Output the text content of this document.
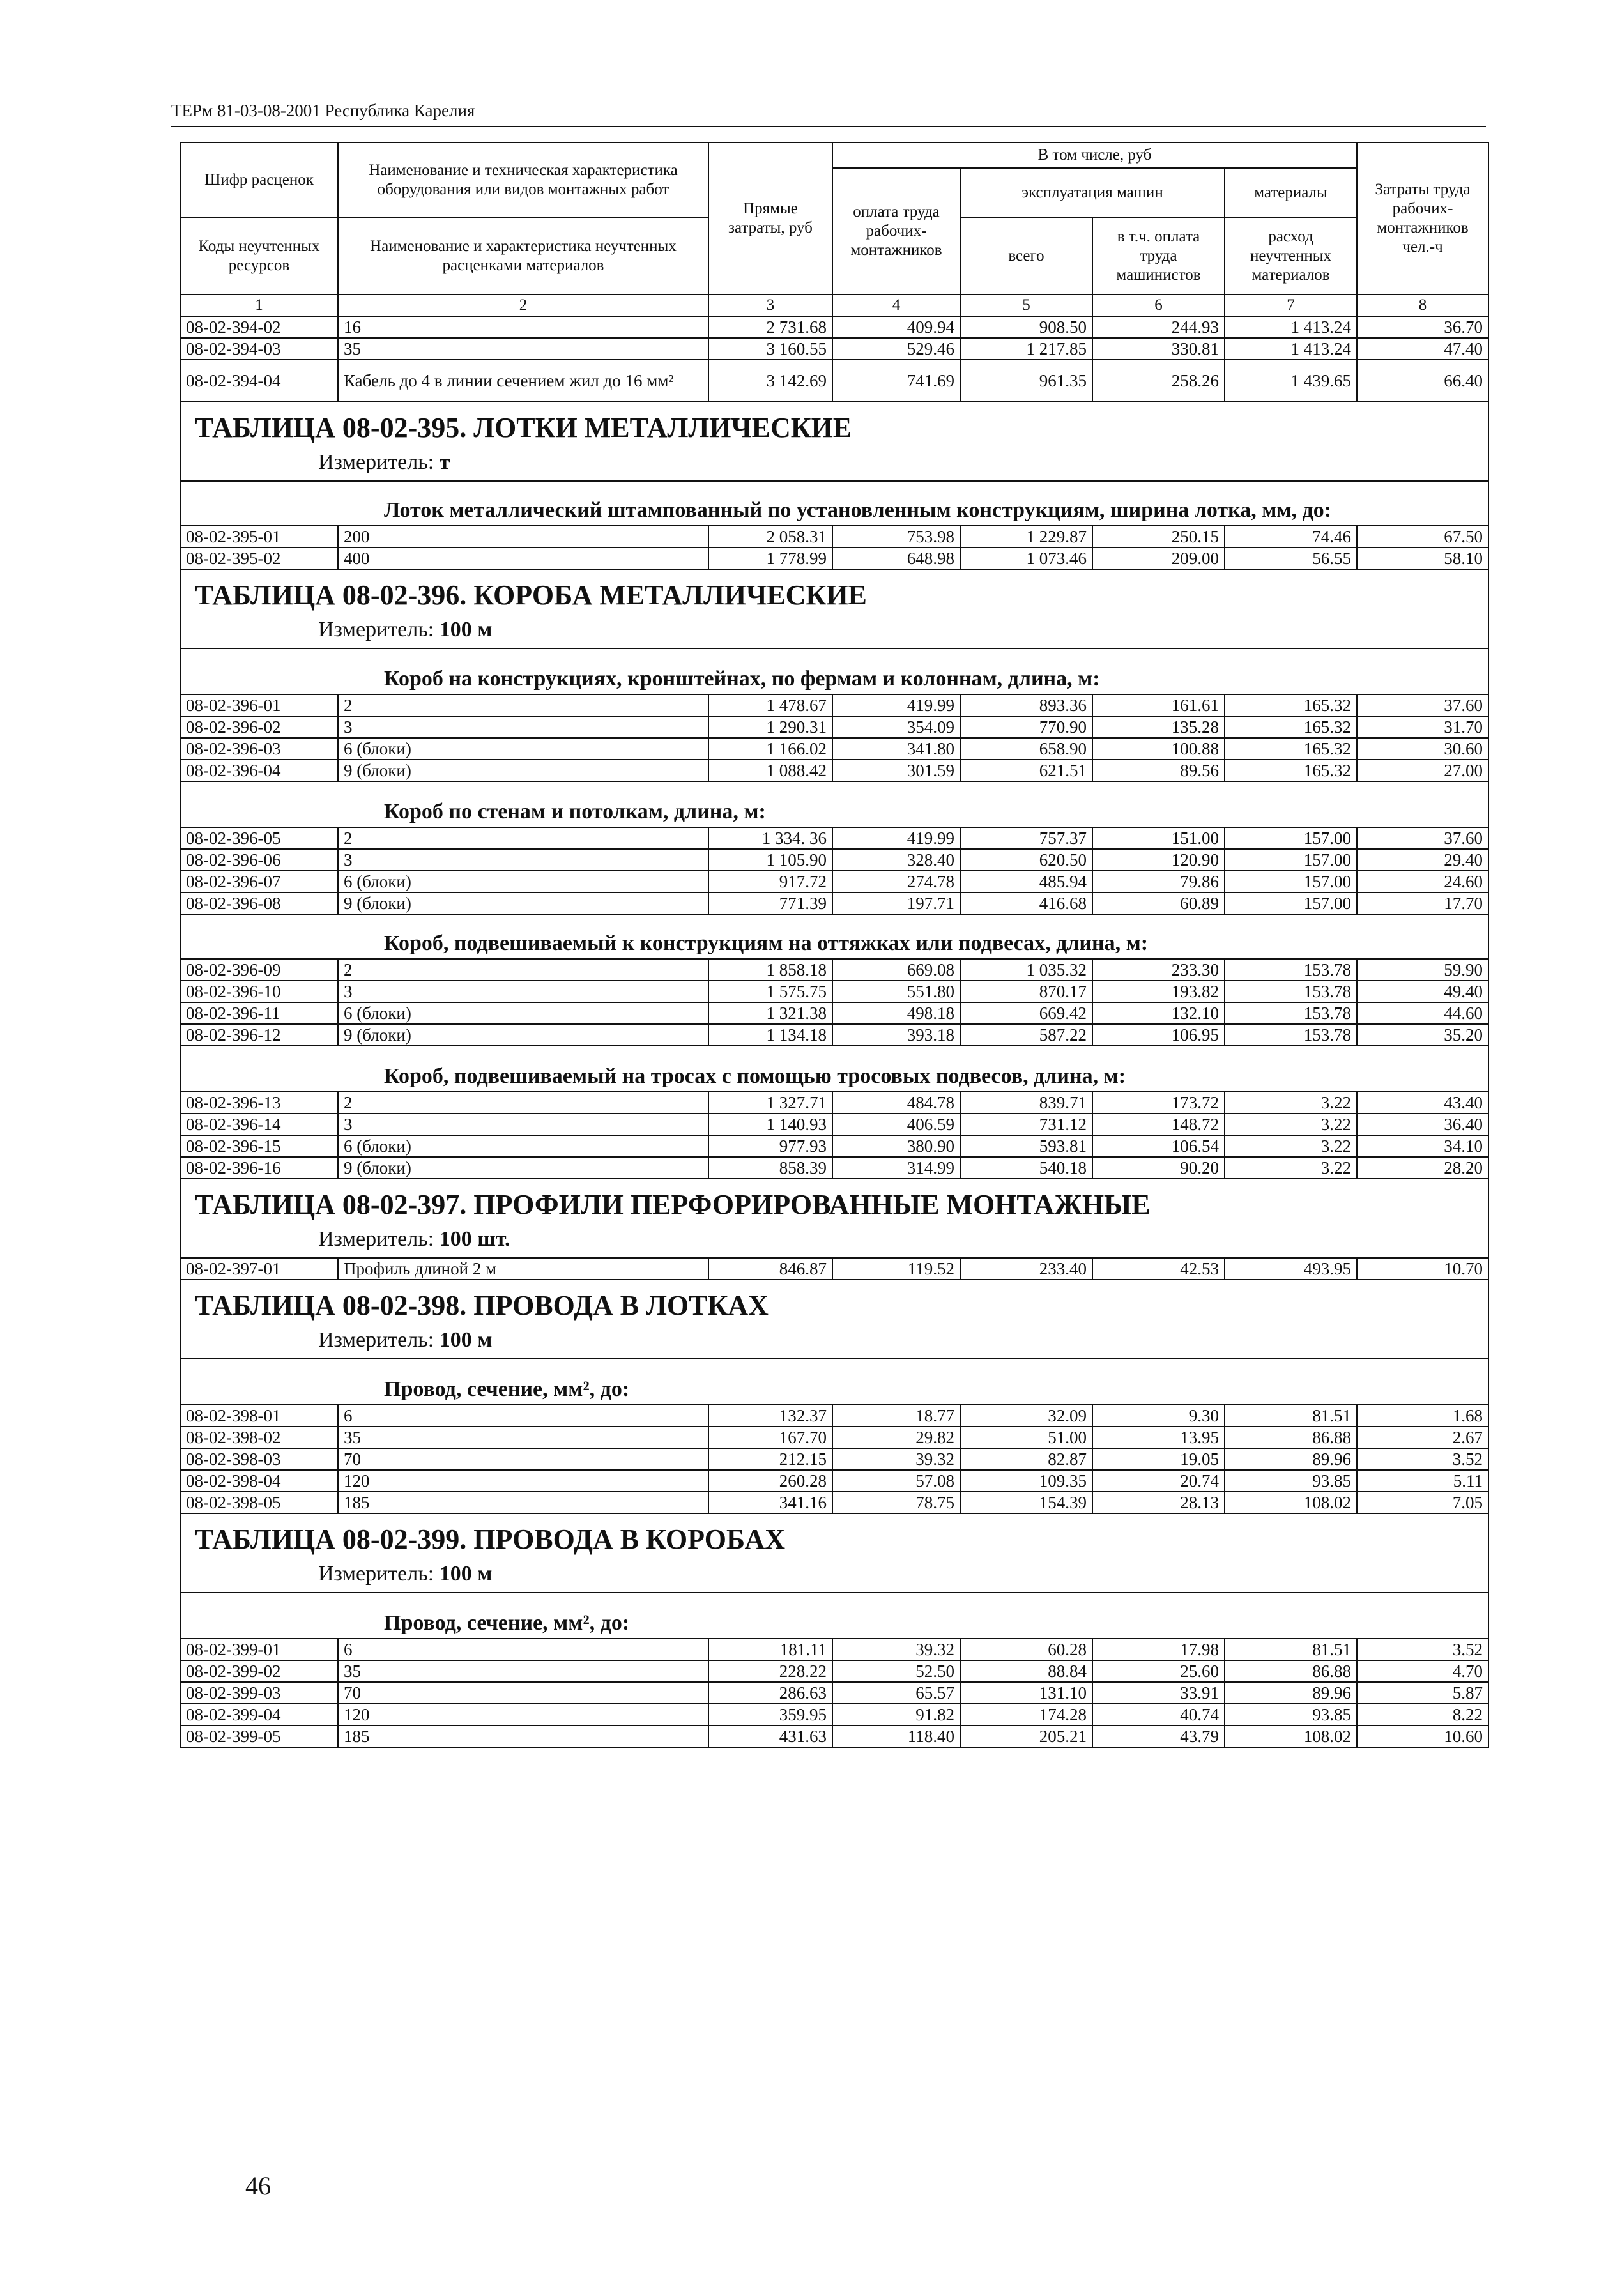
ТЕРм 81-03-08-2001 Республика Карелия
Шифр расценок	Наименование и техническая характеристика оборудования или видов монтажных работ	Прямые затраты, руб	В том числе, руб				Затраты труда рабочих-монтажников чел.-ч
			оплата труда рабочих-монтажников	эксплуатация машин		материалы	
Коды неучтенных ресурсов	Наименование и характеристика неучтенных расценками материалов			всего	в т.ч. оплата труда машинистов		
						расход неучтенных материалов	
1	2	3	4	5	6	7	8
08-02-394-02	16	2 731.68	409.94	908.50	244.93	1 413.24	36.70
08-02-394-03	35	3 160.55	529.46	1 217.85	330.81	1 413.24	47.40
08-02-394-04	Кабель до 4 в линии сечением жил до 16 мм²	3 142.69	741.69	961.35	258.26	1 439.65	66.40
ТАБЛИЦА 08-02-395. ЛОТКИ МЕТАЛЛИЧЕСКИЕ							
Измеритель: т							
Лоток металлический штампованный по установленным конструкциям, ширина лотка, мм, до:							
08-02-395-01	200	2 058.31	753.98	1 229.87	250.15	74.46	67.50
08-02-395-02	400	1 778.99	648.98	1 073.46	209.00	56.55	58.10
ТАБЛИЦА 08-02-396. КОРОБА МЕТАЛЛИЧЕСКИЕ							
Измеритель: 100 м							
Короб на конструкциях, кронштейнах, по фермам и колоннам, длина, м:							
08-02-396-01	2	1 478.67	419.99	893.36	161.61	165.32	37.60
08-02-396-02	3	1 290.31	354.09	770.90	135.28	165.32	31.70
08-02-396-03	6 (блоки)	1 166.02	341.80	658.90	100.88	165.32	30.60
08-02-396-04	9 (блоки)	1 088.42	301.59	621.51	89.56	165.32	27.00
Короб по стенам и потолкам, длина, м:							
08-02-396-05	2	1 334. 36	419.99	757.37	151.00	157.00	37.60
08-02-396-06	3	1 105.90	328.40	620.50	120.90	157.00	29.40
08-02-396-07	6 (блоки)	917.72	274.78	485.94	79.86	157.00	24.60
08-02-396-08	9 (блоки)	771.39	197.71	416.68	60.89	157.00	17.70
Короб, подвешиваемый к конструкциям на оттяжках или подвесах, длина, м:							
08-02-396-09	2	1 858.18	669.08	1 035.32	233.30	153.78	59.90
08-02-396-10	3	1 575.75	551.80	870.17	193.82	153.78	49.40
08-02-396-11	6 (блоки)	1 321.38	498.18	669.42	132.10	153.78	44.60
08-02-396-12	9 (блоки)	1 134.18	393.18	587.22	106.95	153.78	35.20
Короб, подвешиваемый на тросах с помощью тросовых подвесов, длина, м:							
08-02-396-13	2	1 327.71	484.78	839.71	173.72	3.22	43.40
08-02-396-14	3	1 140.93	406.59	731.12	148.72	3.22	36.40
08-02-396-15	6 (блоки)	977.93	380.90	593.81	106.54	3.22	34.10
08-02-396-16	9 (блоки)	858.39	314.99	540.18	90.20	3.22	28.20
ТАБЛИЦА 08-02-397. ПРОФИЛИ ПЕРФОРИРОВАННЫЕ МОНТАЖНЫЕ							
Измеритель: 100 шт.							
08-02-397-01	Профиль длиной 2 м	846.87	119.52	233.40	42.53	493.95	10.70
ТАБЛИЦА 08-02-398. ПРОВОДА В ЛОТКАХ							
Измеритель: 100 м							
Провод, сечение, мм², до:							
08-02-398-01	6	132.37	18.77	32.09	9.30	81.51	1.68
08-02-398-02	35	167.70	29.82	51.00	13.95	86.88	2.67
08-02-398-03	70	212.15	39.32	82.87	19.05	89.96	3.52
08-02-398-04	120	260.28	57.08	109.35	20.74	93.85	5.11
08-02-398-05	185	341.16	78.75	154.39	28.13	108.02	7.05
ТАБЛИЦА 08-02-399. ПРОВОДА В КОРОБАХ							
Измеритель: 100 м							
Провод, сечение, мм², до:							
08-02-399-01	6	181.11	39.32	60.28	17.98	81.51	3.52
08-02-399-02	35	228.22	52.50	88.84	25.60	86.88	4.70
08-02-399-03	70	286.63	65.57	131.10	33.91	89.96	5.87
08-02-399-04	120	359.95	91.82	174.28	40.74	93.85	8.22
08-02-399-05	185	431.63	118.40	205.21	43.79	108.02	10.60
46
